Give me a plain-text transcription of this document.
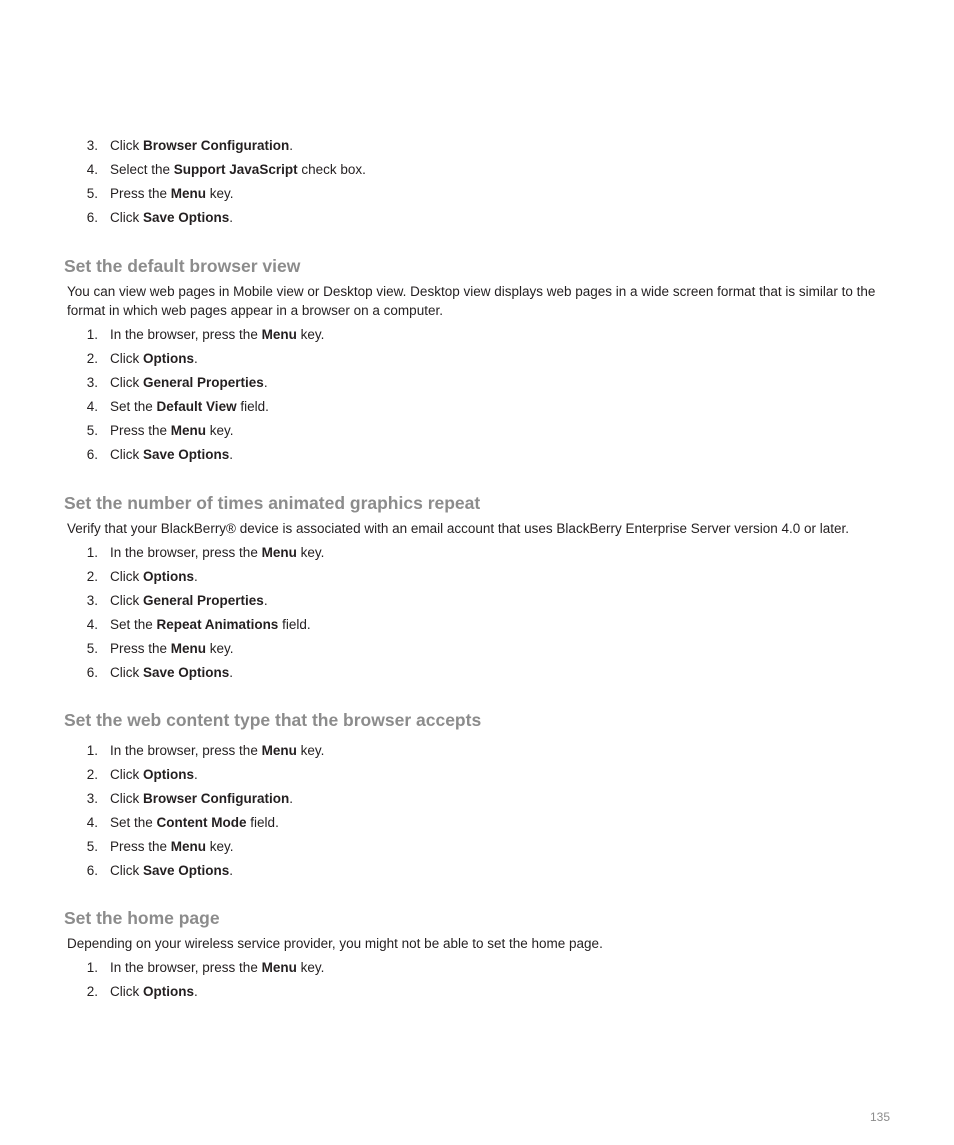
3. Click Browser Configuration.
4. Select the Support JavaScript check box.
5. Press the Menu key.
6. Click Save Options.
Set the default browser view

You can view web pages in Mobile view or Desktop view. Desktop view displays web pages in a wide screen format that is similar to the format in which web pages appear in a browser on a computer.

1. In the browser, press the Menu key.
2. Click Options.
3. Click General Properties.
4. Set the Default View field.
5. Press the Menu key.
6. Click Save Options.
Set the number of times animated graphics repeat

Verify that your BlackBerry® device is associated with an email account that uses BlackBerry Enterprise Server version 4.0 or later.

1. In the browser, press the Menu key.
2. Click Options.
3. Click General Properties.
4. Set the Repeat Animations field.
5. Press the Menu key.
6. Click Save Options.
Set the web content type that the browser accepts
1. In the browser, press the Menu key.
2. Click Options.
3. Click Browser Configuration.
4. Set the Content Mode field.
5. Press the Menu key.
6. Click Save Options.
Set the home page

Depending on your wireless service provider, you might not be able to set the home page.

1. In the browser, press the Menu key.
2. Click Options.
135
